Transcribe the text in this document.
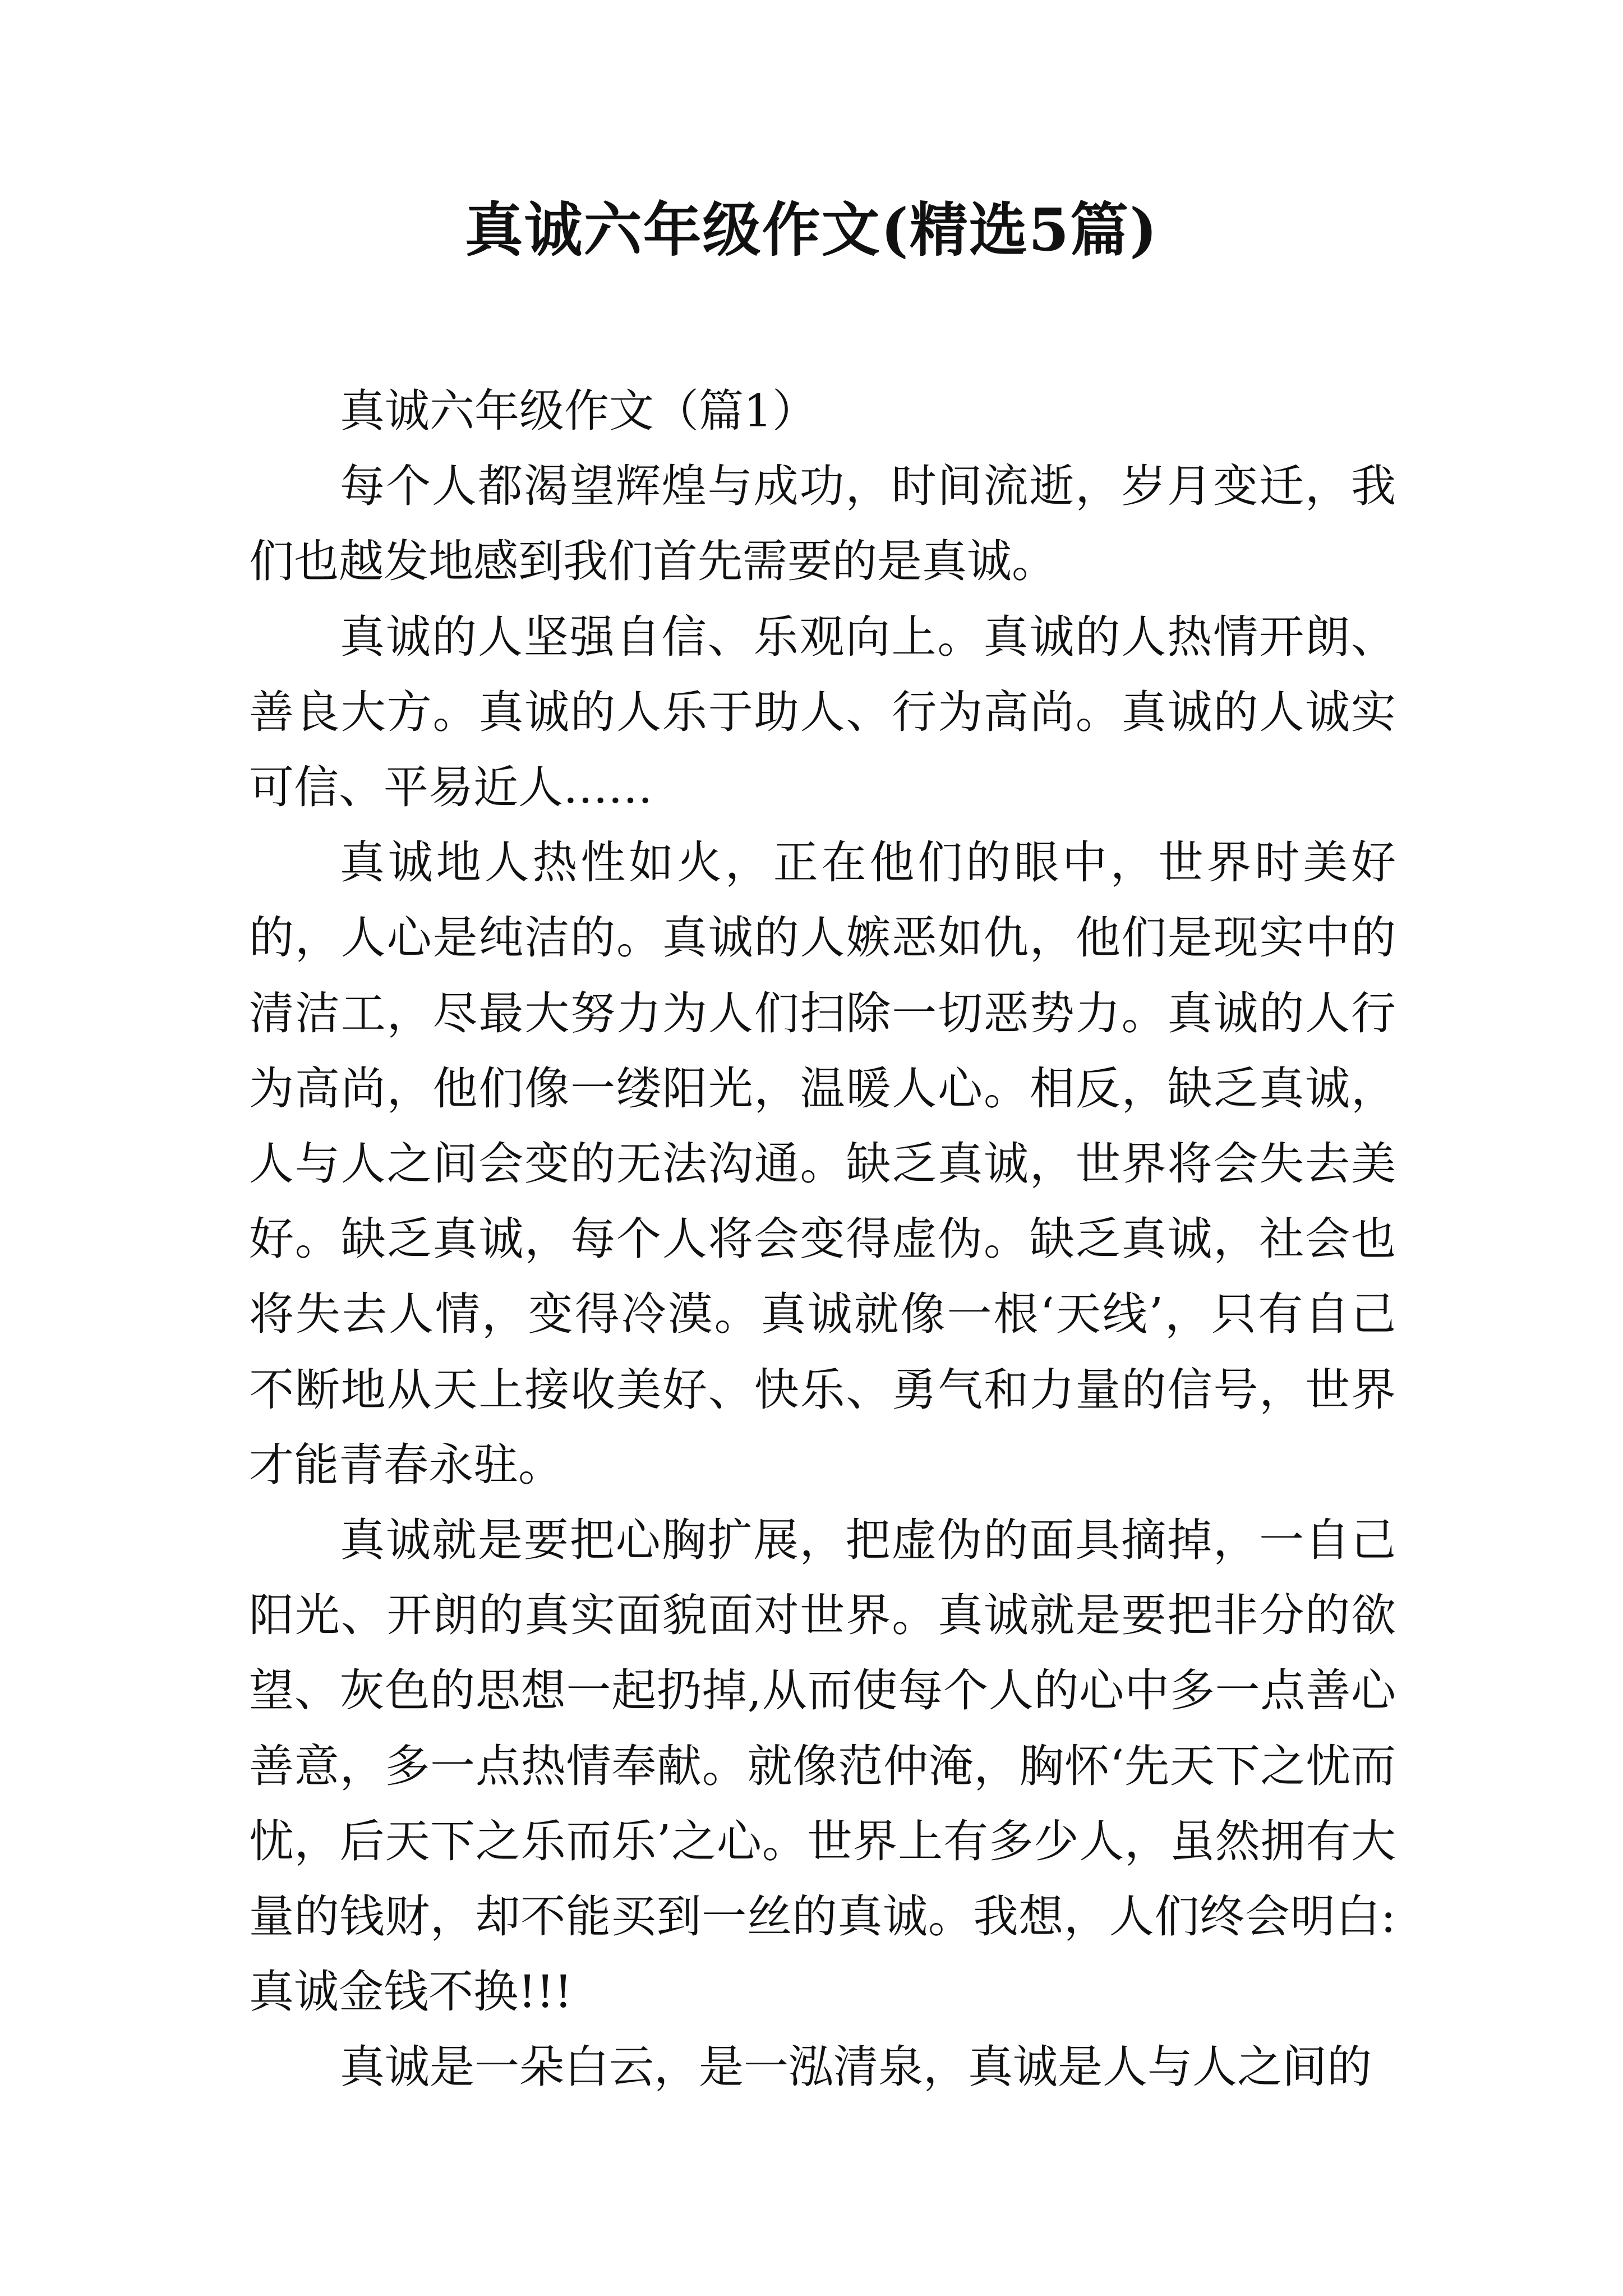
真诚六年级作文(精选5篇)

真诚六年级作文（篇1）

每个人都渴望辉煌与成功，时间流逝，岁月变迁，我们也越发地感到我们首先需要的是真诚。

真诚的人坚强自信、乐观向上。真诚的人热情开朗、善良大方。真诚的人乐于助人、行为高尚。真诚的人诚实可信、平易近人……

真诚地人热性如火，正在他们的眼中，世界时美好的，人心是纯洁的。真诚的人嫉恶如仇，他们是现实中的清洁工，尽最大努力为人们扫除一切恶势力。真诚的人行为高尚，他们像一缕阳光，温暖人心。相反，缺乏真诚，人与人之间会变的无法沟通。缺乏真诚，世界将会失去美好。缺乏真诚，每个人将会变得虚伪。缺乏真诚，社会也将失去人情，变得冷漠。真诚就像一根‘天线’，只有自己不断地从天上接收美好、快乐、勇气和力量的信号，世界才能青春永驻。

真诚就是要把心胸扩展，把虚伪的面具摘掉，一自己阳光、开朗的真实面貌面对世界。真诚就是要把非分的欲望、灰色的思想一起扔掉,从而使每个人的心中多一点善心善意，多一点热情奉献。就像范仲淹，胸怀‘先天下之忧而忧，后天下之乐而乐’之心。世界上有多少人，虽然拥有大量的钱财，却不能买到一丝的真诚。我想，人们终会明白:真诚金钱不换!!!

真诚是一朵白云，是一泓清泉，真诚是人与人之间的
